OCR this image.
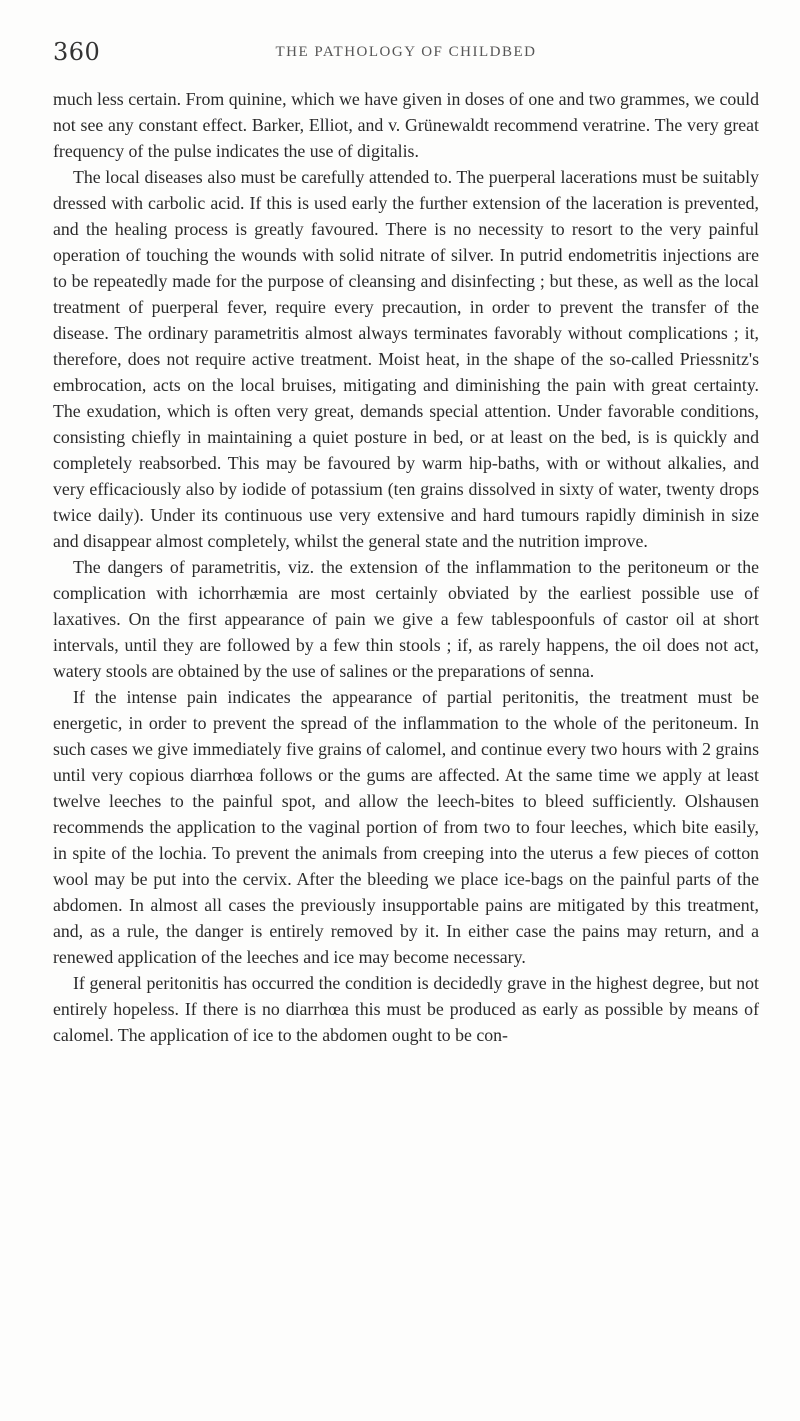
360	THE PATHOLOGY OF CHILDBED

much less certain. From quinine, which we have given in doses of one and two grammes, we could not see any constant effect. Barker, Elliot, and v. Grünewaldt recommend veratrine. The very great frequency of the pulse indicates the use of digitalis.

The local diseases also must be carefully attended to. The puerperal lacerations must be suitably dressed with carbolic acid. If this is used early the further extension of the laceration is prevented, and the healing process is greatly favoured. There is no necessity to resort to the very painful operation of touching the wounds with solid nitrate of silver. In putrid endometritis injections are to be repeatedly made for the purpose of cleansing and disinfecting ; but these, as well as the local treatment of puerperal fever, require every precaution, in order to prevent the transfer of the disease. The ordinary parametritis almost always terminates favorably without complications ; it, therefore, does not require active treatment. Moist heat, in the shape of the so-called Priessnitz's embrocation, acts on the local bruises, mitigating and diminishing the pain with great certainty. The exudation, which is often very great, demands special attention. Under favorable conditions, consisting chiefly in maintaining a quiet posture in bed, or at least on the bed, is is quickly and completely reabsorbed. This may be favoured by warm hip-baths, with or without alkalies, and very efficaciously also by iodide of potassium (ten grains dissolved in sixty of water, twenty drops twice daily). Under its continuous use very extensive and hard tumours rapidly diminish in size and disappear almost completely, whilst the general state and the nutrition improve.

The dangers of parametritis, viz. the extension of the inflammation to the peritoneum or the complication with ichorrhæmia are most certainly obviated by the earliest possible use of laxatives. On the first appearance of pain we give a few tablespoonfuls of castor oil at short intervals, until they are followed by a few thin stools ; if, as rarely happens, the oil does not act, watery stools are obtained by the use of salines or the preparations of senna.

If the intense pain indicates the appearance of partial peritonitis, the treatment must be energetic, in order to prevent the spread of the inflammation to the whole of the peritoneum. In such cases we give immediately five grains of calomel, and continue every two hours with 2 grains until very copious diarrhœa follows or the gums are affected. At the same time we apply at least twelve leeches to the painful spot, and allow the leech-bites to bleed sufficiently. Olshausen recommends the application to the vaginal portion of from two to four leeches, which bite easily, in spite of the lochia. To prevent the animals from creeping into the uterus a few pieces of cotton wool may be put into the cervix. After the bleeding we place ice-bags on the painful parts of the abdomen. In almost all cases the previously insupportable pains are mitigated by this treatment, and, as a rule, the danger is entirely removed by it. In either case the pains may return, and a renewed application of the leeches and ice may become necessary.

If general peritonitis has occurred the condition is decidedly grave in the highest degree, but not entirely hopeless. If there is no diarrhœa this must be produced as early as possible by means of calomel. The application of ice to the abdomen ought to be con-
